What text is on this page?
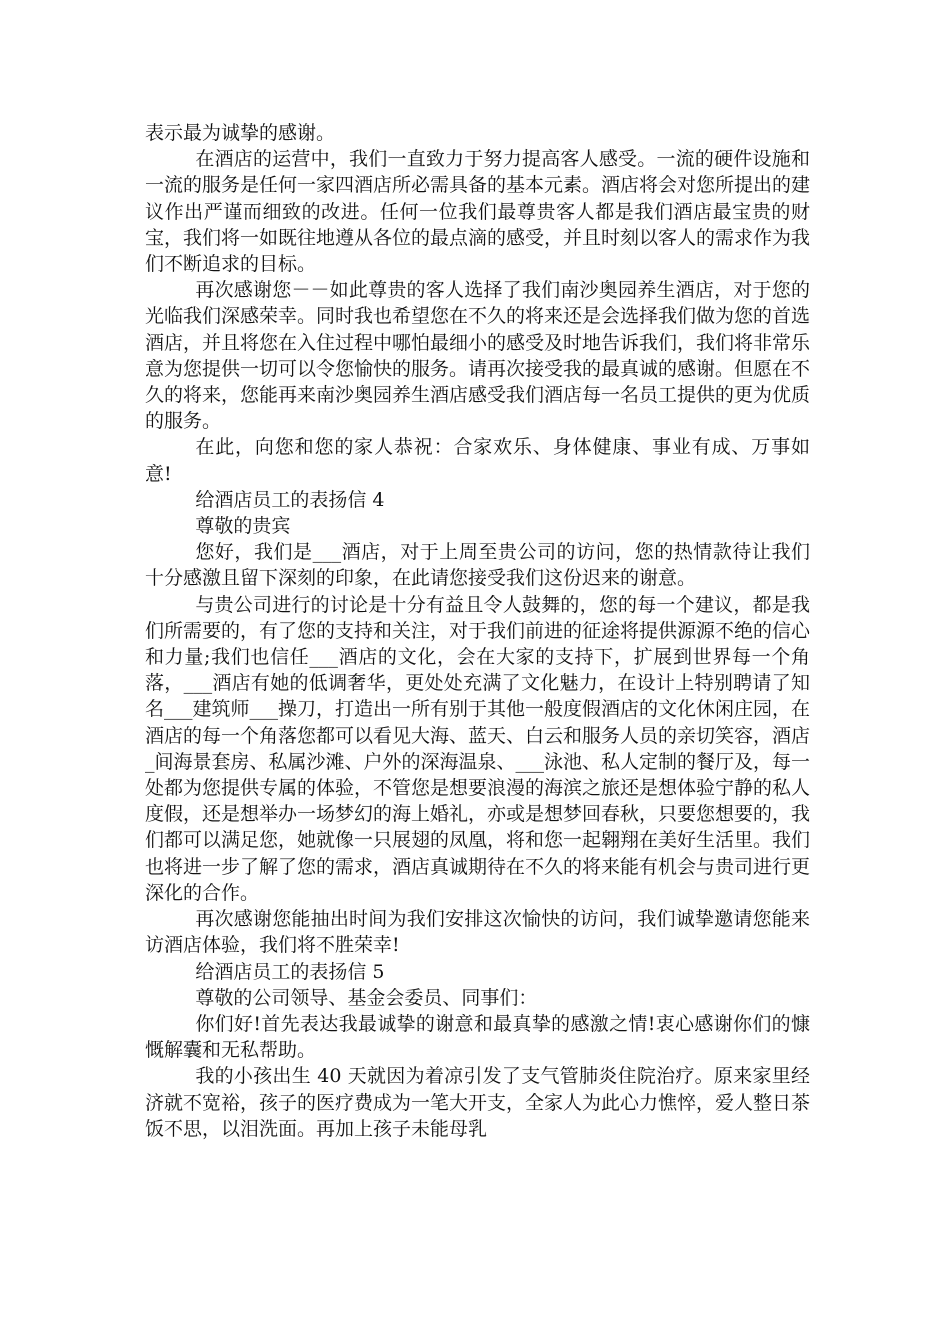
表示最为诚挚的感谢。

在酒店的运营中，我们一直致力于努力提高客人感受。一流的硬件设施和一流的服务是任何一家四酒店所必需具备的基本元素。酒店将会对您所提出的建议作出严谨而细致的改进。任何一位我们最尊贵客人都是我们酒店最宝贵的财宝，我们将一如既往地遵从各位的最点滴的感受，并且时刻以客人的需求作为我们不断追求的目标。

再次感谢您－－如此尊贵的客人选择了我们南沙奥园养生酒店，对于您的光临我们深感荣幸。同时我也希望您在不久的将来还是会选择我们做为您的首选酒店，并且将您在入住过程中哪怕最细小的感受及时地告诉我们，我们将非常乐意为您提供一切可以令您愉快的服务。请再次接受我的最真诚的感谢。但愿在不久的将来，您能再来南沙奥园养生酒店感受我们酒店每一名员工提供的更为优质的服务。

在此，向您和您的家人恭祝：合家欢乐、身体健康、事业有成、万事如意!

给酒店员工的表扬信 4

尊敬的贵宾

您好，我们是___酒店，对于上周至贵公司的访问，您的热情款待让我们十分感激且留下深刻的印象，在此请您接受我们这份迟来的谢意。

与贵公司进行的讨论是十分有益且令人鼓舞的，您的每一个建议，都是我们所需要的，有了您的支持和关注，对于我们前进的征途将提供源源不绝的信心和力量;我们也信任___酒店的文化，会在大家的支持下，扩展到世界每一个角落，___酒店有她的低调奢华，更处处充满了文化魅力，在设计上特别聘请了知名___建筑师___操刀，打造出一所有别于其他一般度假酒店的文化休闲庄园，在酒店的每一个角落您都可以看见大海、蓝天、白云和服务人员的亲切笑容，酒店_间海景套房、私属沙滩、户外的深海温泉、___泳池、私人定制的餐厅及，每一处都为您提供专属的体验，不管您是想要浪漫的海滨之旅还是想体验宁静的私人度假，还是想举办一场梦幻的海上婚礼，亦或是想梦回春秋，只要您想要的，我们都可以满足您，她就像一只展翅的凤凰，将和您一起翱翔在美好生活里。我们也将进一步了解了您的需求，酒店真诚期待在不久的将来能有机会与贵司进行更深化的合作。

再次感谢您能抽出时间为我们安排这次愉快的访问，我们诚挚邀请您能来访酒店体验，我们将不胜荣幸!

给酒店员工的表扬信 5

尊敬的公司领导、基金会委员、同事们：

你们好!首先表达我最诚挚的谢意和最真挚的感激之情!衷心感谢你们的慷慨解囊和无私帮助。

我的小孩出生 40 天就因为着凉引发了支气管肺炎住院治疗。原来家里经济就不宽裕，孩子的医疗费成为一笔大开支，全家人为此心力憔悴，爱人整日茶饭不思，以泪洗面。再加上孩子未能母乳
